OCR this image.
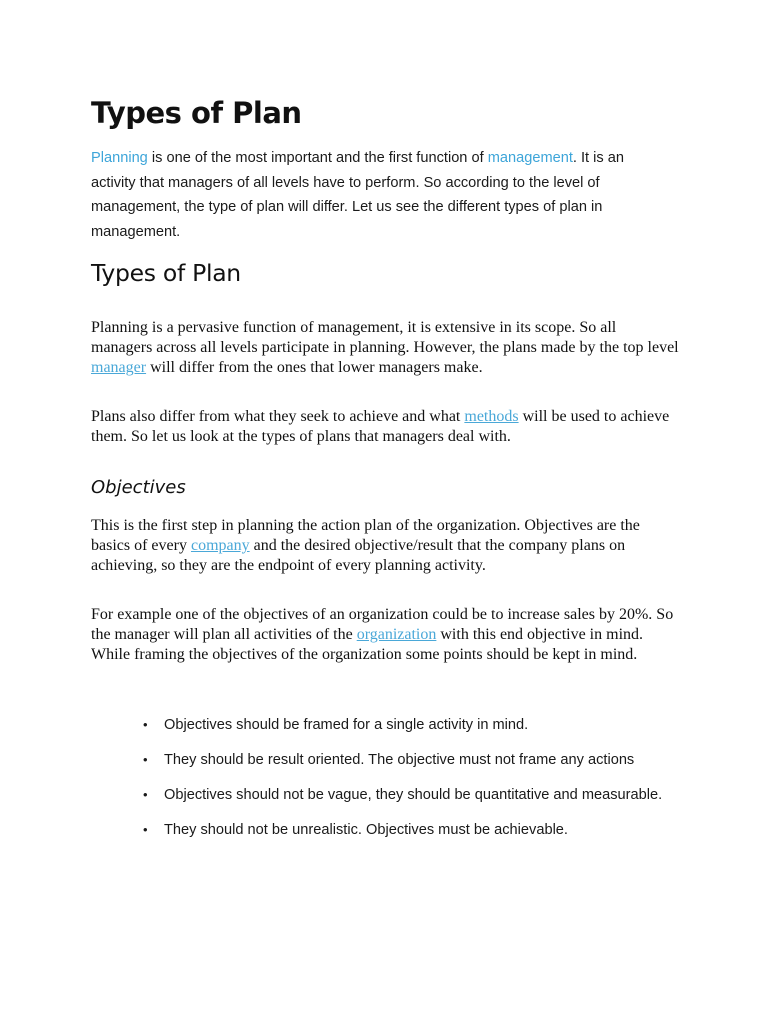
Types of Plan

Planning is one of the most important and the first function of management. It is an activity that managers of all levels have to perform. So according to the level of management, the type of plan will differ. Let us see the different types of plan in management.

Types of Plan

Planning is a pervasive function of management, it is extensive in its scope. So all managers across all levels participate in planning. However, the plans made by the top level manager will differ from the ones that lower managers make.

Plans also differ from what they seek to achieve and what methods will be used to achieve them. So let us look at the types of plans that managers deal with.

Objectives

This is the first step in planning the action plan of the organization. Objectives are the basics of every company and the desired objective/result that the company plans on achieving, so they are the endpoint of every planning activity.

For example one of the objectives of an organization could be to increase sales by 20%. So the manager will plan all activities of the organization with this end objective in mind. While framing the objectives of the organization some points should be kept in mind.

• Objectives should be framed for a single activity in mind.
• They should be result oriented. The objective must not frame any actions
• Objectives should not be vague, they should be quantitative and measurable.
• They should not be unrealistic. Objectives must be achievable.
